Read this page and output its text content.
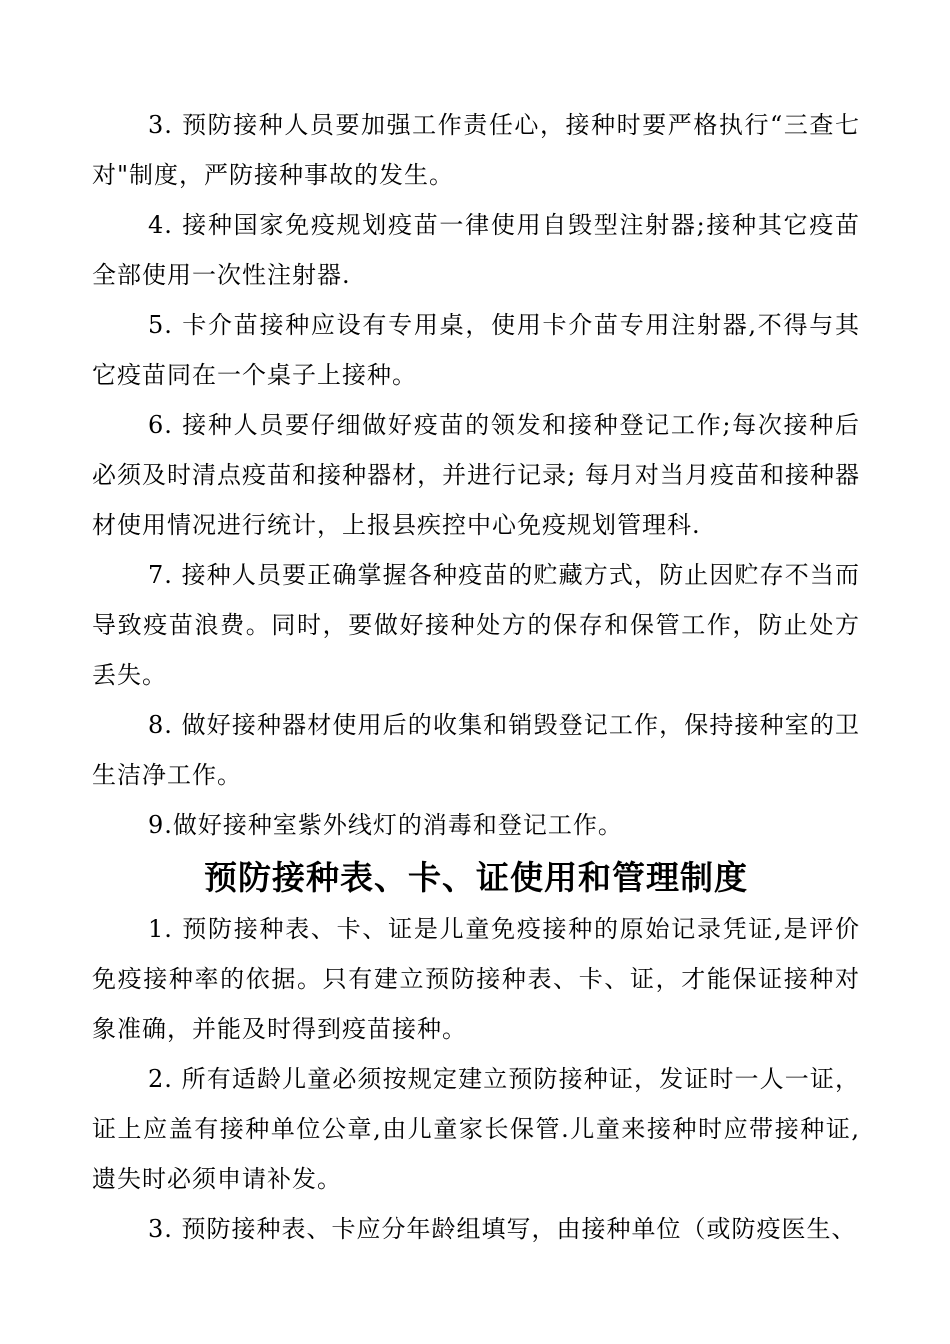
3. 预防接种人员要加强工作责任心，接种时要严格执行“三查七对"制度，严防接种事故的发生。

4. 接种国家免疫规划疫苗一律使用自毁型注射器;接种其它疫苗全部使用一次性注射器.

5. 卡介苗接种应设有专用桌，使用卡介苗专用注射器,不得与其它疫苗同在一个桌子上接种。

6. 接种人员要仔细做好疫苗的领发和接种登记工作;每次接种后必须及时清点疫苗和接种器材，并进行记录; 每月对当月疫苗和接种器材使用情况进行统计，上报县疾控中心免疫规划管理科.

7. 接种人员要正确掌握各种疫苗的贮藏方式，防止因贮存不当而导致疫苗浪费。同时，要做好接种处方的保存和保管工作，防止处方丢失。

8. 做好接种器材使用后的收集和销毁登记工作，保持接种室的卫生洁净工作。

9.做好接种室紫外线灯的消毒和登记工作。

预防接种表、卡、证使用和管理制度

1. 预防接种表、卡、证是儿童免疫接种的原始记录凭证,是评价免疫接种率的依据。只有建立预防接种表、卡、证，才能保证接种对象准确，并能及时得到疫苗接种。

2. 所有适龄儿童必须按规定建立预防接种证，发证时一人一证，证上应盖有接种单位公章,由儿童家长保管.儿童来接种时应带接种证,遗失时必须申请补发。

3. 预防接种表、卡应分年龄组填写，由接种单位（或防疫医生、
